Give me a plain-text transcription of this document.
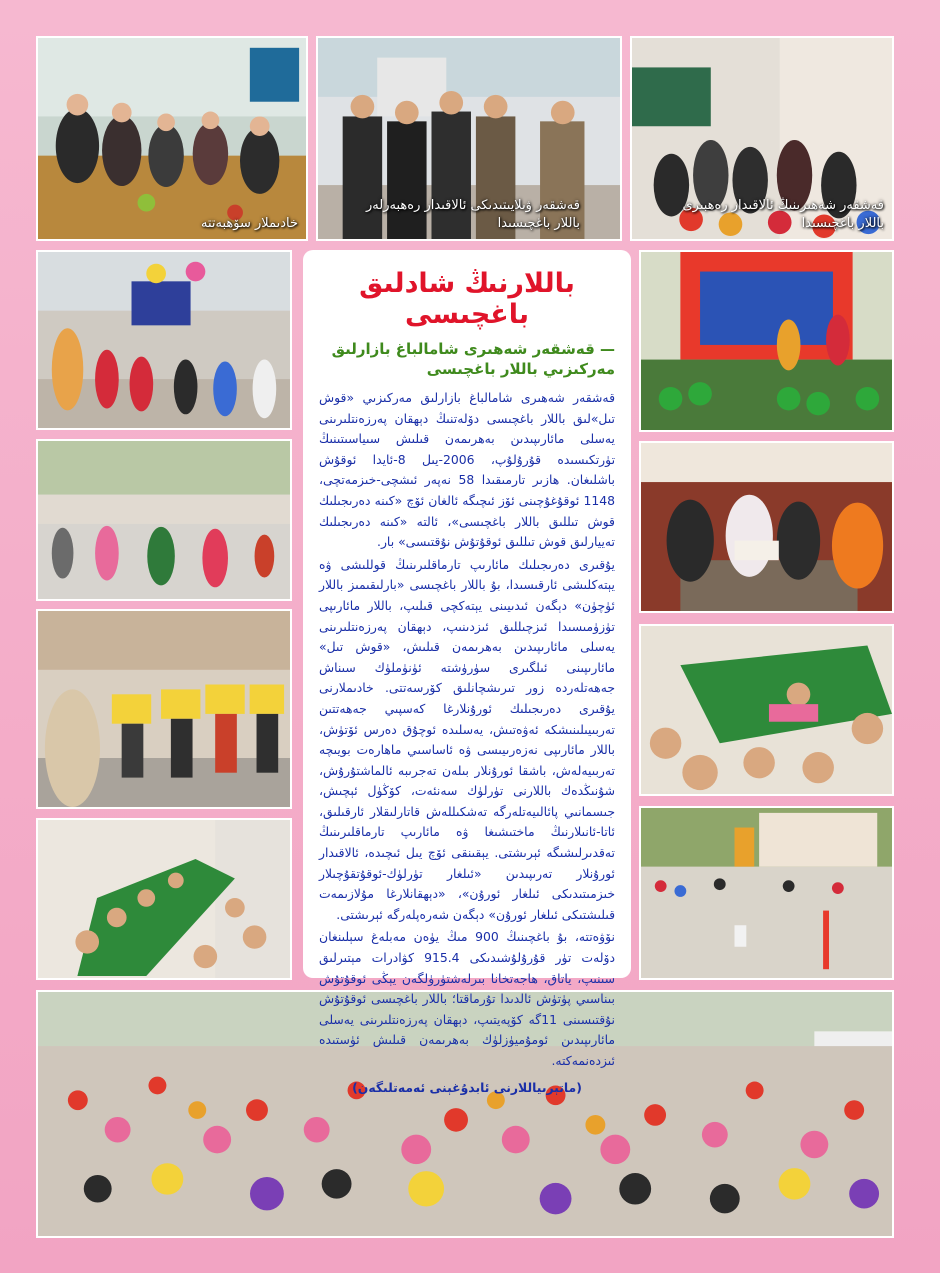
خادىملار سۆھبەتتە
قەشقەر ۋىلايىتىدىكى ئالاقىدار رەھبەرلەر
باللار باغچىسىدا
قەشقەر شەھىرىنىڭ ئالاقىدار رەھبىرى
باللار باغچىسىدا
باللارنىڭ شادلىق باغچىسى
— قەشقەر شەھىرى شامالباغ بازارلىق
مەركىزىي باللار باغچىسى

قەشقەر شەھىرى شامالباغ بازارلىق مەركىزىي «قوش تىل»لىق باللار باغچىسى دۆلەتنىڭ دېھقان پەرزەنتلىرىنى يەسلى مائارىپىدىن بەھرىمەن قىلىش سىياسىتىنىڭ تۈرتكىسىدە قۇرۇلۇپ، 2006-يىل 8-ئايدا ئوقۇش باشلىغان. ھازىر تارمىقىدا 58 نەپەر ئىشچى-خىزمەتچى، 1148 ئوقۇغۇچىنى ئۆز ئىچىگە ئالغان ئۆچ «كىنە دەرىجىلىك قوش تىللىق باللار باغچىسى»، ئالتە «كىنە دەرىجىلىك تەييارلىق قوش تىللىق ئوقۇتۇش نۇقتىسى» بار.

يۇقىرى دەرىجىلىك مائارىپ تارماقلىرىنىڭ قوللىشى ۋە يېتەكلىشى ئارقىسىدا، بۇ باللار باغچىسى «بارلىقىمىز باللار ئۈچۈن» دېگەن ئىدىيىنى يېتەكچى قىلىپ، باللار مائارىپى تۈزۈمىسىدا ئىزچىللىق ئىزدىنىپ، دېھقان پەرزەنتلىرىنى يەسلى مائارىپىدىن بەھرىمەن قىلىش، «قوش تىل» مائارىپىنى ئىلگىرى سۈرۈشتە ئۈنۈملۈك سىناش جەھەتلەردە زور تىرىشچانلىق كۆرسەتتى. خادىملارنى يۇقىرى دەرىجىلىك ئورۇنلارغا كەسپىي جەھەتتىن تەربىيىلىنىشكە ئەۋەتىش، يەسلىدە ئوچۇق دەرس ئۆتۈش، باللار مائارىپى نەزەرىيىسى ۋە ئاساسىي ماھارەت بويىچە تەربىيەلەش، باشقا ئورۇنلار بىلەن تەجرىبە ئالماشتۇرۇش، شۇنىڭدەك باللارنى تۈرلۈك سەنئەت، كۆڭۈل ئېچىش، جىسمانىي پائالىيەتلەرگە تەشكىللەش قاتارلىقلار ئارقىلىق، ئاتا-ئانىلارنىڭ ماختىشىغا ۋە مائارىپ تارماقلىرىنىڭ تەقدىرلىشىگە ئېرىشتى. يېقىنقى ئۆچ يىل ئىچىدە، ئالاقىدار ئورۇنلار تەرىپىدىن «ئىلغار تۈرلۈك-ئوقۇتقۇچىلار خىزمىتىدىكى ئىلغار ئورۇن»، «دېھقانلارغا مۇلازىمەت قىلىشتىكى ئىلغار ئورۇن» دېگەن شەرەپلەرگە ئېرىشتى.

نۆۋەتتە، بۇ باغچىنىڭ 900 مىڭ يۈەن مەبلەغ سېلىنغان دۆلەت تۈر قۇرۇلۇشىدىكى 915.4 كۋادرات مېتىرلىق سىنىپ، ياتاق، ھاجەتخانا بىرلەشتۈرۈلگەن يېڭى ئوقۇتۇش بىناسىي پۈتۈش ئالدىدا تۇرماقتا؛ باللار باغچىسى ئوقۇتۇش نۇقتىسىنى 11گە كۆپەيتىپ، دېھقان پەرزەنتلىرىنى يەسلى مائارىپىدىن ئومۇميۈزلۈك بەھرىمەن قىلىش ئۈستىدە ئىزدەنمەكتە.

(ماتېرىياللارنى ئابدۇغېنى ئەمەتلىگەن)
